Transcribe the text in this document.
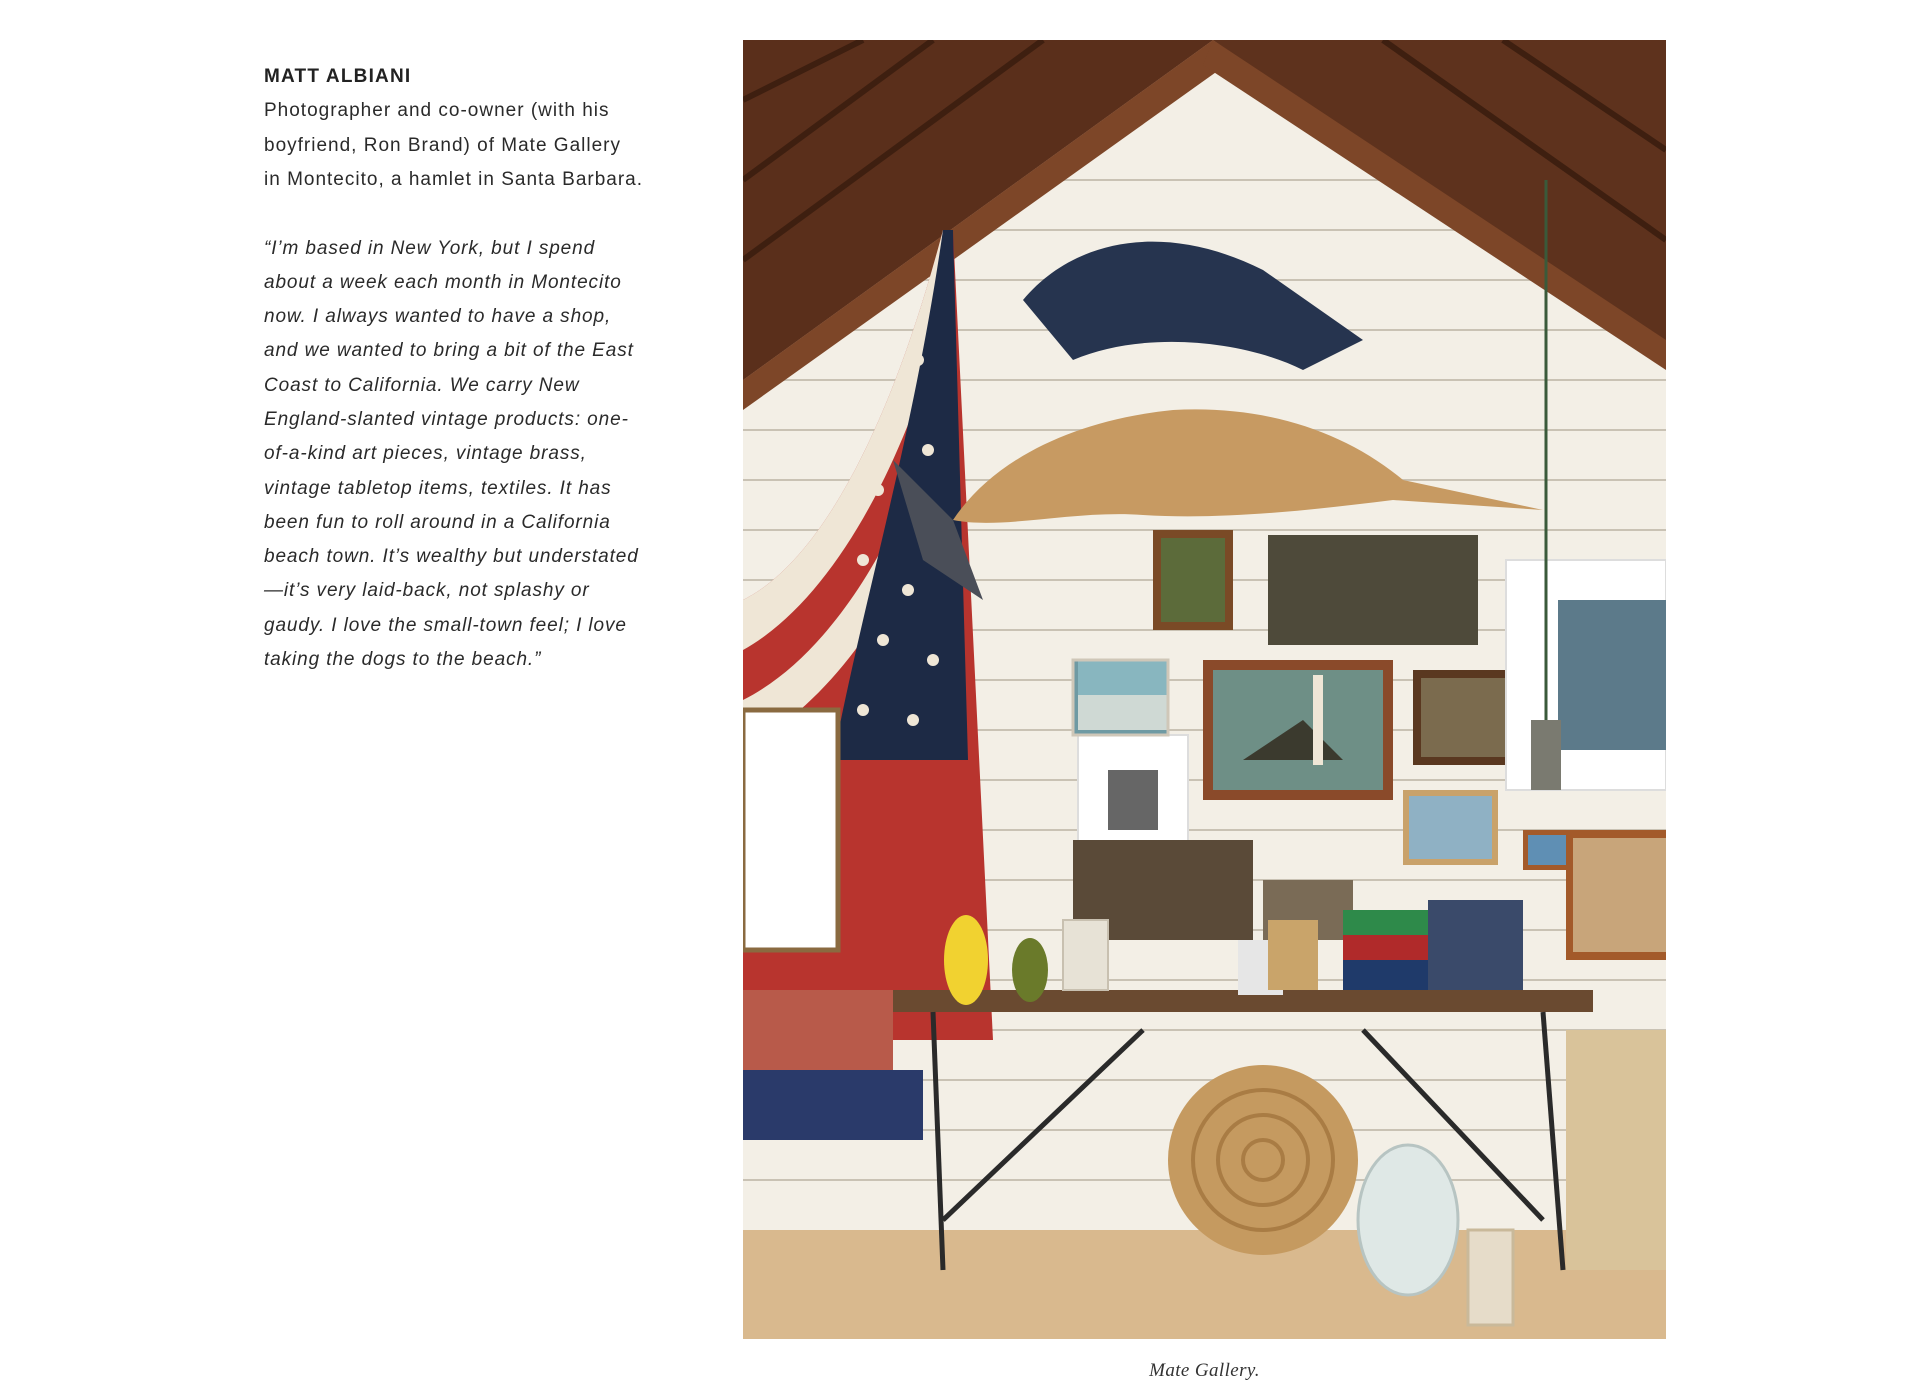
MATT ALBIANI

Photographer and co-owner (with his boyfriend, Ron Brand) of Mate Gallery in Montecito, a hamlet in Santa Barbara.

“I’m based in New York, but I spend about a week each month in Montecito now. I always wanted to have a shop, and we wanted to bring a bit of the East Coast to California. We carry New England-slanted vintage products: one-of-a-kind art pieces, vintage brass, vintage tabletop items, textiles. It has been fun to roll around in a California beach town. It’s wealthy but understated—it’s very laid-back, not splashy or gaudy. I love the small-town feel; I love taking the dogs to the beach.”

Mate Gallery.
